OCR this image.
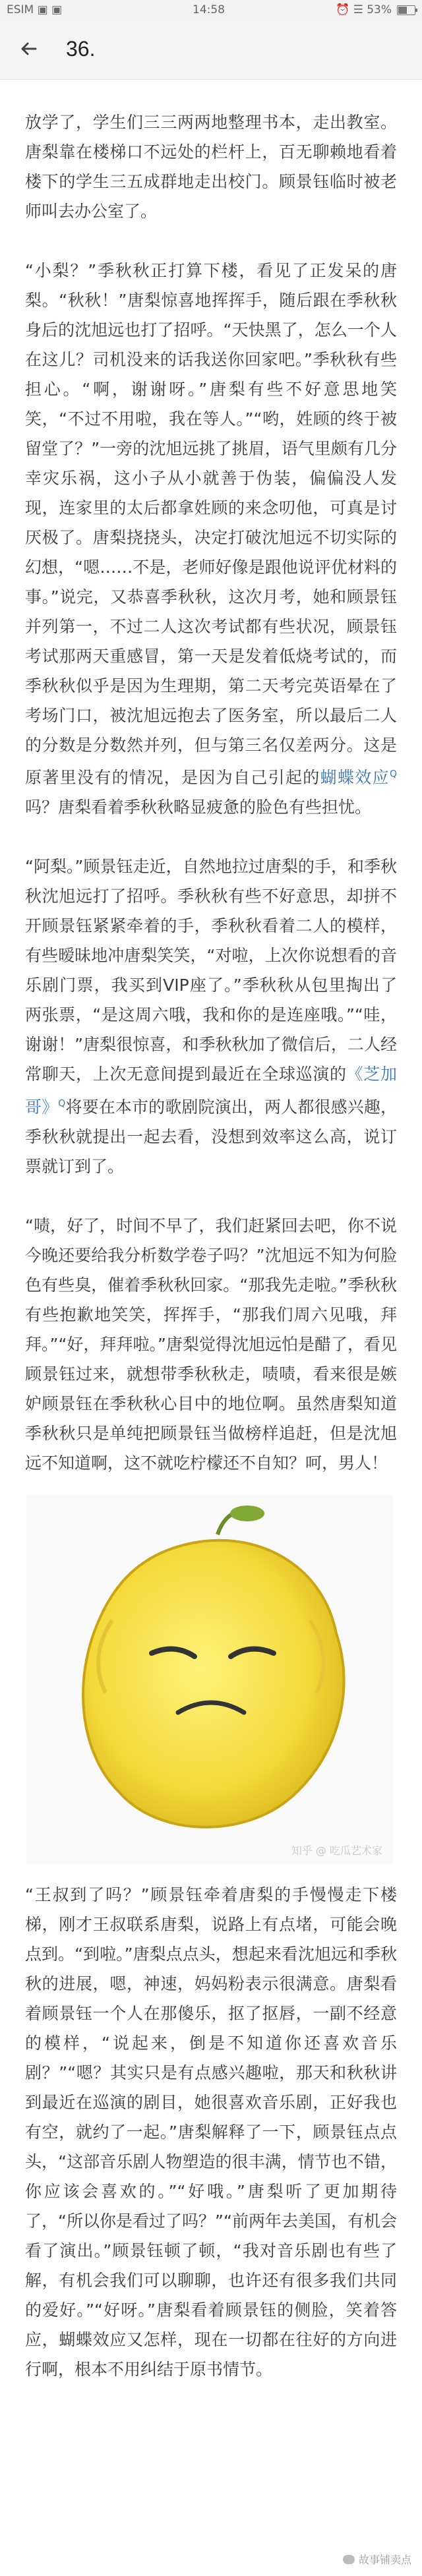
ESIM ▣ ▣	14:58	⏰ ☰ 53%
36.

放学了，学生们三三两两地整理书本，走出教室。唐梨靠在楼梯口不远处的栏杆上，百无聊赖地看着楼下的学生三五成群地走出校门。顾景钰临时被老师叫去办公室了。

“小梨？”季秋秋正打算下楼，看见了正发呆的唐梨。“秋秋！”唐梨惊喜地挥挥手，随后跟在季秋秋身后的沈旭远也打了招呼。“天快黑了，怎么一个人在这儿？司机没来的话我送你回家吧。”季秋秋有些担心。“啊，谢谢呀。”唐梨有些不好意思地笑笑，“不过不用啦，我在等人。”“哟，姓顾的终于被留堂了？”一旁的沈旭远挑了挑眉，语气里颇有几分幸灾乐祸，这小子从小就善于伪装，偏偏没人发现，连家里的太后都拿姓顾的来念叨他，可真是讨厌极了。唐梨挠挠头，决定打破沈旭远不切实际的幻想，“嗯……不是，老师好像是跟他说评优材料的事。”说完，又恭喜季秋秋，这次月考，她和顾景钰并列第一，不过二人这次考试都有些状况，顾景钰考试那两天重感冒，第一天是发着低烧考试的，而季秋秋似乎是因为生理期，第二天考完英语晕在了考场门口，被沈旭远抱去了医务室，所以最后二人的分数是分数然并列，但与第三名仅差两分。这是原著里没有的情况，是因为自己引起的蝴蝶效应$^Q$吗？唐梨看着季秋秋略显疲惫的脸色有些担忧。

“阿梨。”顾景钰走近，自然地拉过唐梨的手，和季秋秋沈旭远打了招呼。季秋秋有些不好意思，却拼不开顾景钰紧紧牵着的手，季秋秋看着二人的模样，有些暧昧地冲唐梨笑笑，“对啦，上次你说想看的音乐剧门票，我买到VIP座了。”季秋秋从包里掏出了两张票，“是这周六哦，我和你的是连座哦。”“哇，谢谢！”唐梨很惊喜，和季秋秋加了微信后，二人经常聊天，上次无意间提到最近在全球巡演的《芝加哥》$^Q$将要在本市的歌剧院演出，两人都很感兴趣，季秋秋就提出一起去看，没想到效率这么高，说订票就订到了。

“啧，好了，时间不早了，我们赶紧回去吧，你不说今晚还要给我分析数学卷子吗？”沈旭远不知为何脸色有些臭，催着季秋秋回家。“那我先走啦。”季秋秋有些抱歉地笑笑，挥挥手，“那我们周六见哦，拜拜。”“好，拜拜啦。”唐梨觉得沈旭远怕是醋了，看见顾景钰过来，就想带季秋秋走，啧啧，看来很是嫉妒顾景钰在季秋秋心目中的地位啊。虽然唐梨知道季秋秋只是单纯把顾景钰当做榜样追赶，但是沈旭远不知道啊，这不就吃柠檬还不自知？呵，男人！

知乎 @ 吃瓜艺术家

“王叔到了吗？”顾景钰牵着唐梨的手慢慢走下楼梯，刚才王叔联系唐梨，说路上有点堵，可能会晚点到。“到啦。”唐梨点点头，想起来看沈旭远和季秋秋的进展，嗯，神速，妈妈粉表示很满意。唐梨看着顾景钰一个人在那傻乐，抠了抠唇，一副不经意的模样，“说起来，倒是不知道你还喜欢音乐剧？”“嗯？其实只是有点感兴趣啦，那天和秋秋讲到最近在巡演的剧目，她很喜欢音乐剧，正好我也有空，就约了一起。”唐梨解释了一下，顾景钰点点头，“这部音乐剧人物塑造的很丰满，情节也不错，你应该会喜欢的。”“好哦。”唐梨听了更加期待了，“所以你是看过了吗？”“前两年去美国，有机会看了演出。”顾景钰顿了顿，“我对音乐剧也有些了解，有机会我们可以聊聊，也许还有很多我们共同的爱好。”“好呀。”唐梨看着顾景钰的侧脸，笑着答应，蝴蝶效应又怎样，现在一切都在往好的方向进行啊，根本不用纠结于原书情节。

故事铺卖点
